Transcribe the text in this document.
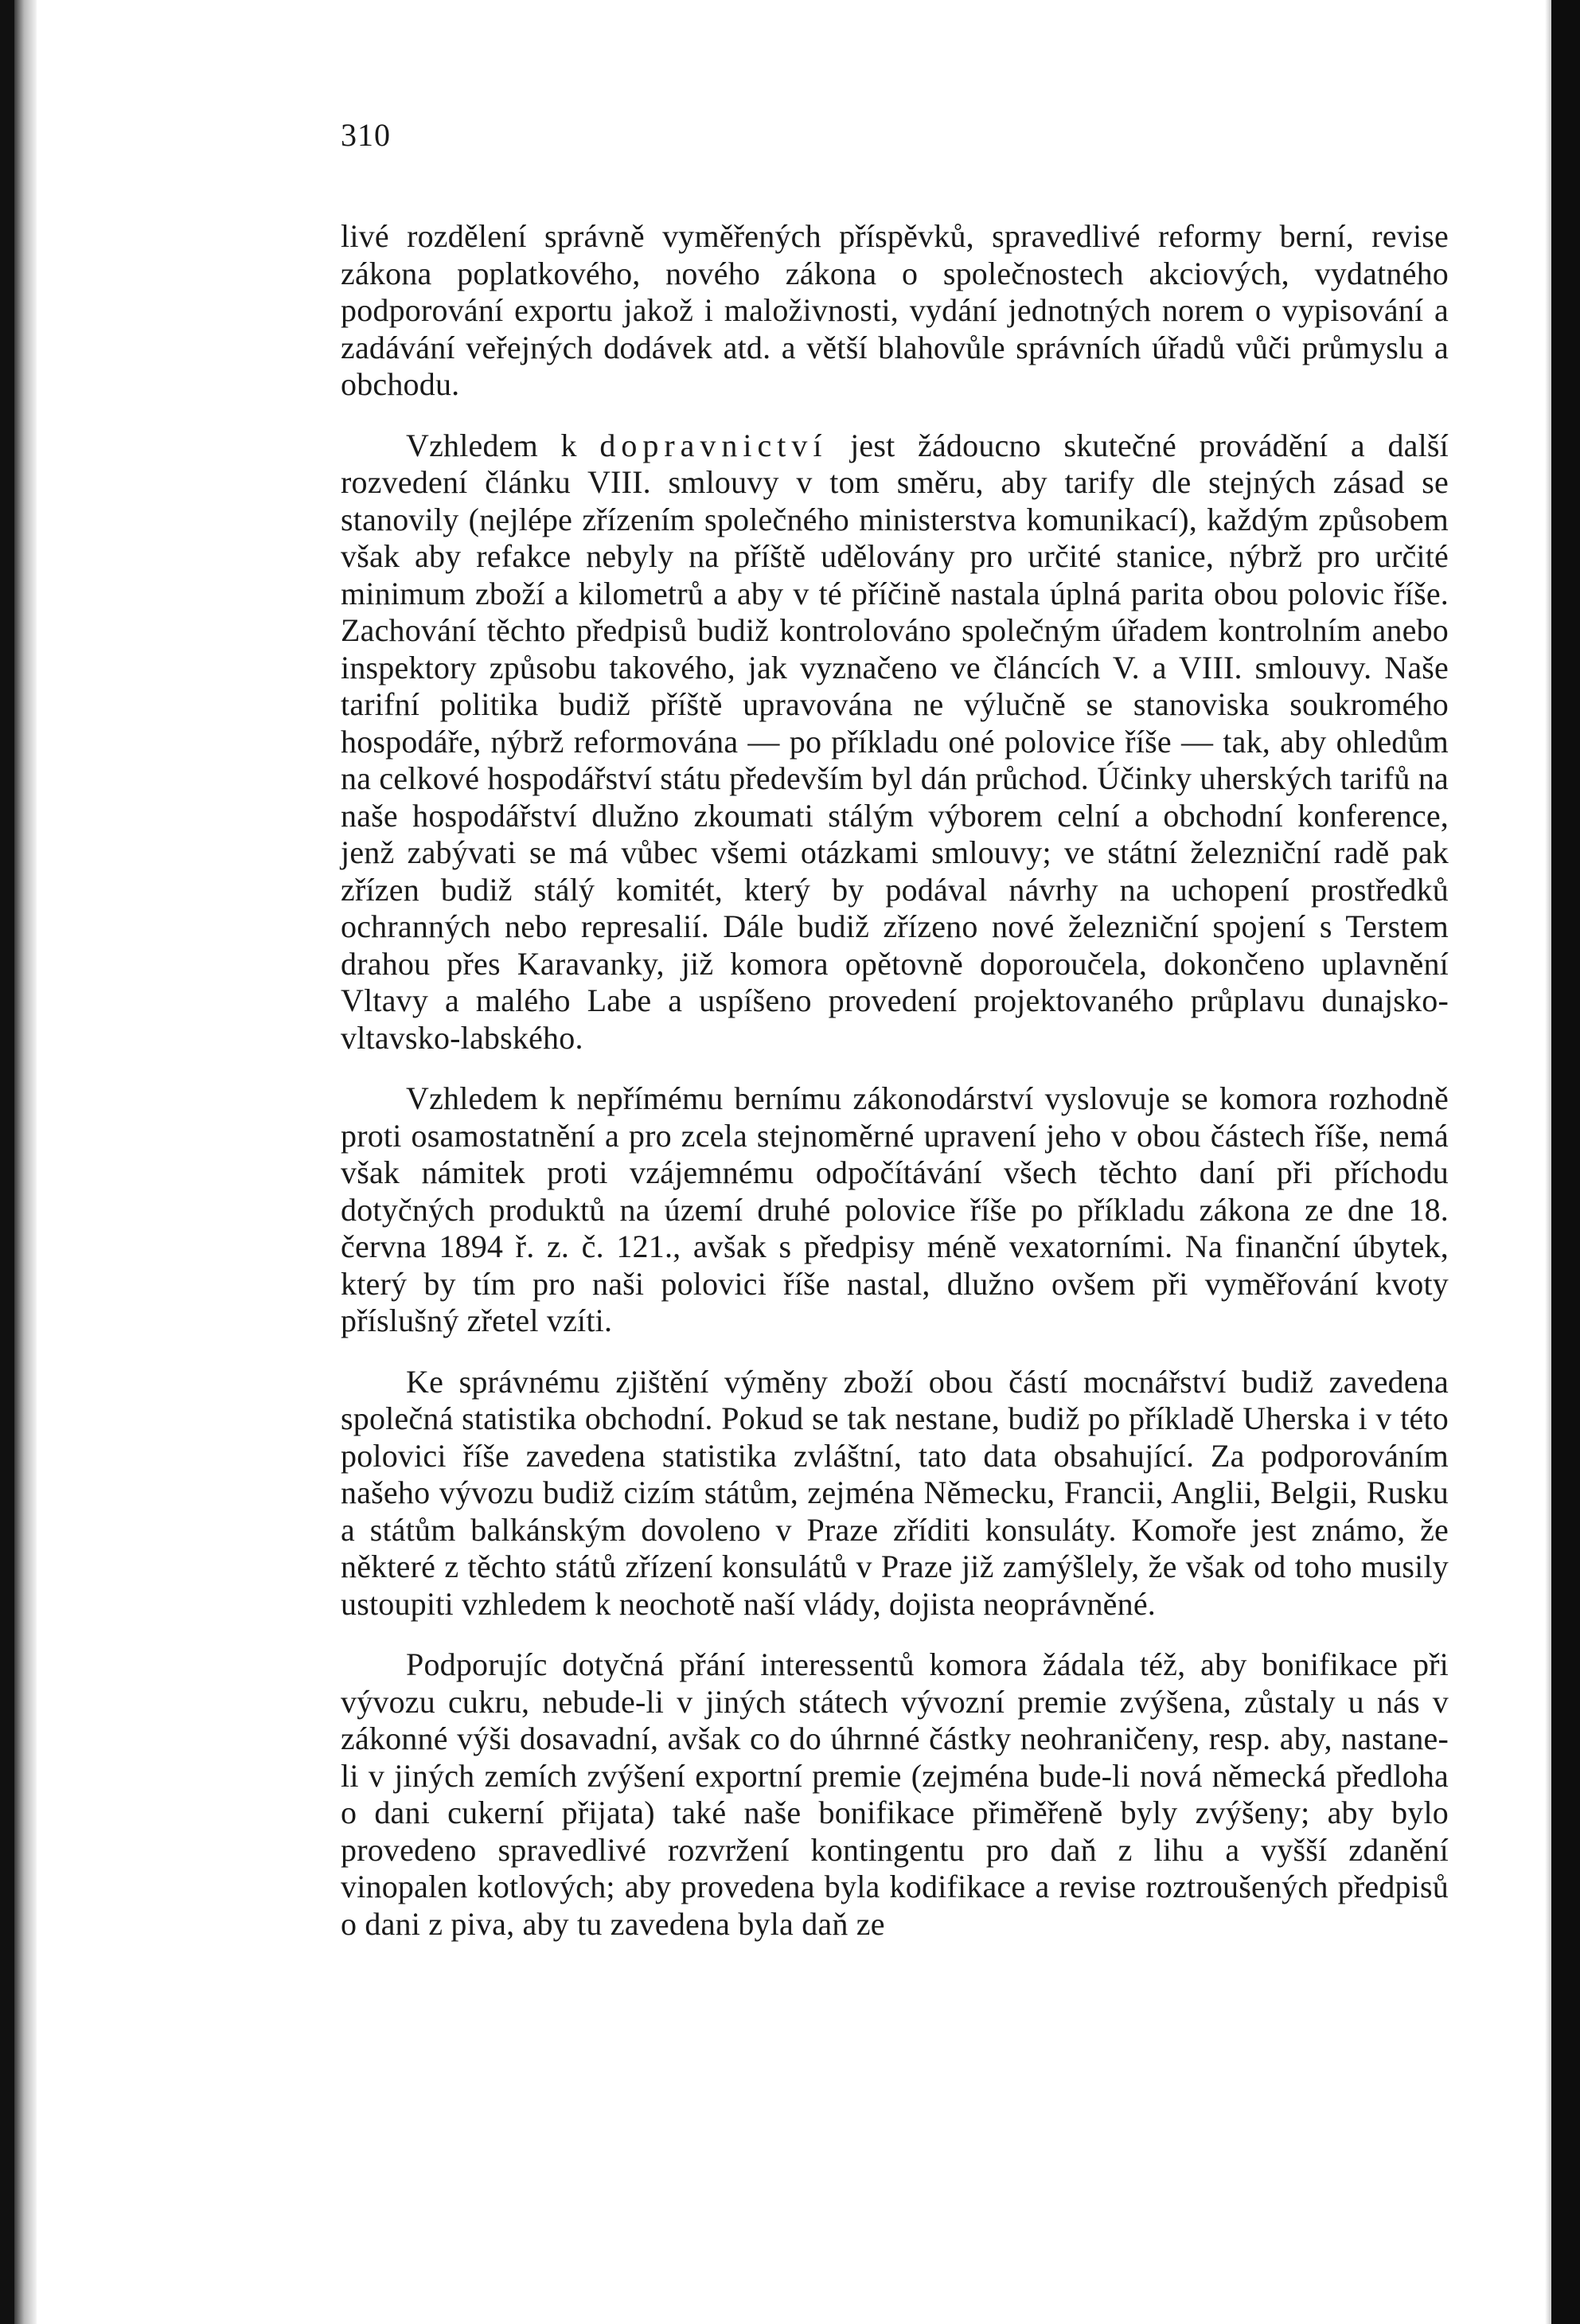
310

livé rozdělení správně vyměřených příspěvků, spravedlivé reformy berní, revise zákona poplatkového, nového zákona o společnostech akciových, vydatného podporování exportu jakož i maloživnosti, vydání jednotných norem o vypisování a zadávání veřejných dodávek atd. a větší blahovůle správních úřadů vůči průmyslu a obchodu.

Vzhledem k dopravnictví jest žádoucno skutečné provádění a další rozvedení článku VIII. smlouvy v tom směru, aby tarify dle stejných zásad se stanovily (nejlépe zřízením společného ministerstva komunikací), každým způsobem však aby refakce nebyly na příště udělovány pro určité stanice, nýbrž pro určité minimum zboží a kilometrů a aby v té příčině nastala úplná parita obou polovic říše. Zachování těchto předpisů budiž kontrolováno společným úřadem kontrolním anebo inspektory způsobu takového, jak vyznačeno ve článcích V. a VIII. smlouvy. Naše tarifní politika budiž příště upravována ne výlučně se stanoviska soukromého hospodáře, nýbrž reformována — po příkladu oné polovice říše — tak, aby ohledům na celkové hospodářství státu především byl dán průchod. Účinky uherských tarifů na naše hospodářství dlužno zkoumati stálým výborem celní a obchodní konference, jenž zabývati se má vůbec všemi otázkami smlouvy; ve státní železniční radě pak zřízen budiž stálý komitét, který by podával návrhy na uchopení prostředků ochranných nebo represalií. Dále budiž zřízeno nové železniční spojení s Terstem drahou přes Karavanky, již komora opětovně doporoučela, dokončeno uplavnění Vltavy a malého Labe a uspíšeno provedení projektovaného průplavu dunajsko-vltavsko-labského.

Vzhledem k nepřímému bernímu zákonodárství vyslovuje se komora rozhodně proti osamostatnění a pro zcela stejnoměrné upravení jeho v obou částech říše, nemá však námitek proti vzájemnému odpočítávání všech těchto daní při příchodu dotyčných produktů na území druhé polovice říše po příkladu zákona ze dne 18. června 1894 ř. z. č. 121., avšak s předpisy méně vexatorními. Na finanční úbytek, který by tím pro naši polovici říše nastal, dlužno ovšem při vyměřování kvoty příslušný zřetel vzíti.

Ke správnému zjištění výměny zboží obou částí mocnářství budiž zavedena společná statistika obchodní. Pokud se tak nestane, budiž po příkladě Uherska i v této polovici říše zavedena statistika zvláštní, tato data obsahující. Za podporováním našeho vývozu budiž cizím státům, zejména Německu, Francii, Anglii, Belgii, Rusku a státům balkánským dovoleno v Praze zříditi konsuláty. Komoře jest známo, že některé z těchto států zřízení konsulátů v Praze již zamýšlely, že však od toho musily ustoupiti vzhledem k neochotě naší vlády, dojista neoprávněné.

Podporujíc dotyčná přání interessentů komora žádala též, aby bonifikace při vývozu cukru, nebude-li v jiných státech vývozní premie zvýšena, zůstaly u nás v zákonné výši dosavadní, avšak co do úhrnné částky neohraničeny, resp. aby, nastane-li v jiných zemích zvýšení exportní premie (zejména bude-li nová německá předloha o dani cukerní přijata) také naše bonifikace přiměřeně byly zvýšeny; aby bylo provedeno spravedlivé rozvržení kontingentu pro daň z lihu a vyšší zdanění vinopalen kotlových; aby provedena byla kodifikace a revise roztroušených předpisů o dani z piva, aby tu zavedena byla daň ze
